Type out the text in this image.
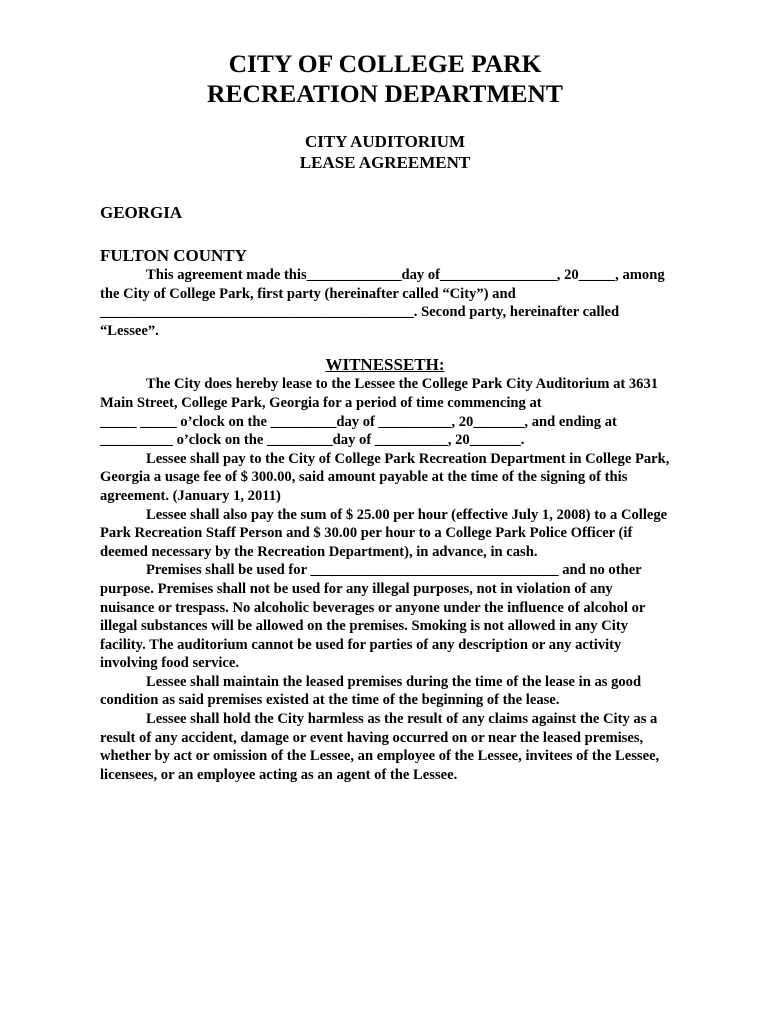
CITY OF COLLEGE PARK
RECREATION DEPARTMENT
CITY AUDITORIUM
LEASE AGREEMENT
GEORGIA
FULTON COUNTY

This agreement made this_____________day of________________, 20_____, among the City of College Park, first party (hereinafter called “City”) and ___________________________________________. Second party, hereinafter called “Lessee”.

WITNESSETH:

The City does hereby lease to the Lessee the College Park City Auditorium at 3631 Main Street, College Park, Georgia for a period of time commencing at

_____ _____ o’clock on the _________day of __________, 20_______, and ending at

__________ o’clock on the _________day of __________, 20_______.

Lessee shall pay to the City of College Park Recreation Department in College Park, Georgia a usage fee of $ 300.00, said amount payable at the time of the signing of this agreement. (January 1, 2011)

Lessee shall also pay the sum of $ 25.00 per hour (effective July 1, 2008) to a College Park Recreation Staff Person and $ 30.00 per hour to a College Park Police Officer (if deemed necessary by the Recreation Department), in advance, in cash.

Premises shall be used for __________________________________ and no other purpose. Premises shall not be used for any illegal purposes, not in violation of any nuisance or trespass. No alcoholic beverages or anyone under the influence of alcohol or illegal substances will be allowed on the premises. Smoking is not allowed in any City facility. The auditorium cannot be used for parties of any description or any activity involving food service.

Lessee shall maintain the leased premises during the time of the lease in as good condition as said premises existed at the time of the beginning of the lease.

Lessee shall hold the City harmless as the result of any claims against the City as a result of any accident, damage or event having occurred on or near the leased premises, whether by act or omission of the Lessee, an employee of the Lessee, invitees of the Lessee, licensees, or an employee acting as an agent of the Lessee.
